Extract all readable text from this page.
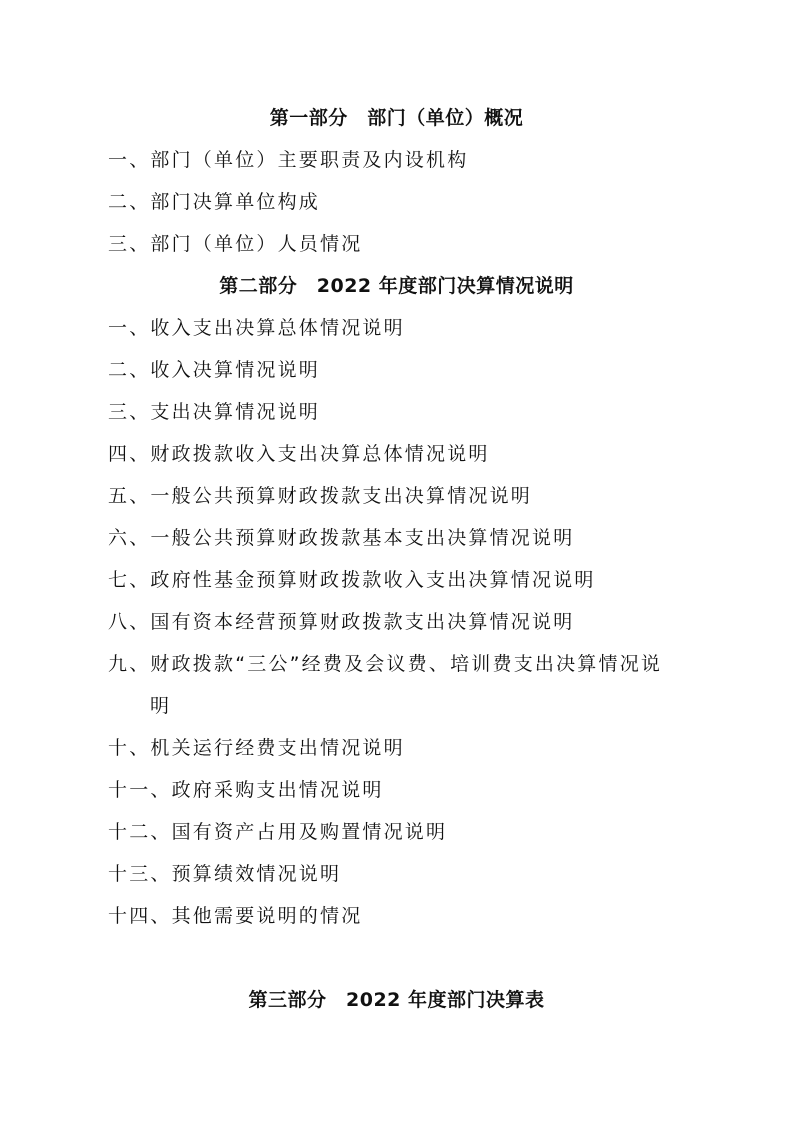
第一部分　部门（单位）概况
一、部门（单位）主要职责及内设机构
二、部门决算单位构成
三、部门（单位）人员情况
第二部分　2022 年度部门决算情况说明
一、收入支出决算总体情况说明
二、收入决算情况说明
三、支出决算情况说明
四、财政拨款收入支出决算总体情况说明
五、一般公共预算财政拨款支出决算情况说明
六、一般公共预算财政拨款基本支出决算情况说明
七、政府性基金预算财政拨款收入支出决算情况说明
八、国有资本经营预算财政拨款支出决算情况说明
九、财政拨款“三公”经费及会议费、培训费支出决算情况说
明
十、机关运行经费支出情况说明
十一、政府采购支出情况说明
十二、国有资产占用及购置情况说明
十三、预算绩效情况说明
十四、其他需要说明的情况
第三部分　2022 年度部门决算表
